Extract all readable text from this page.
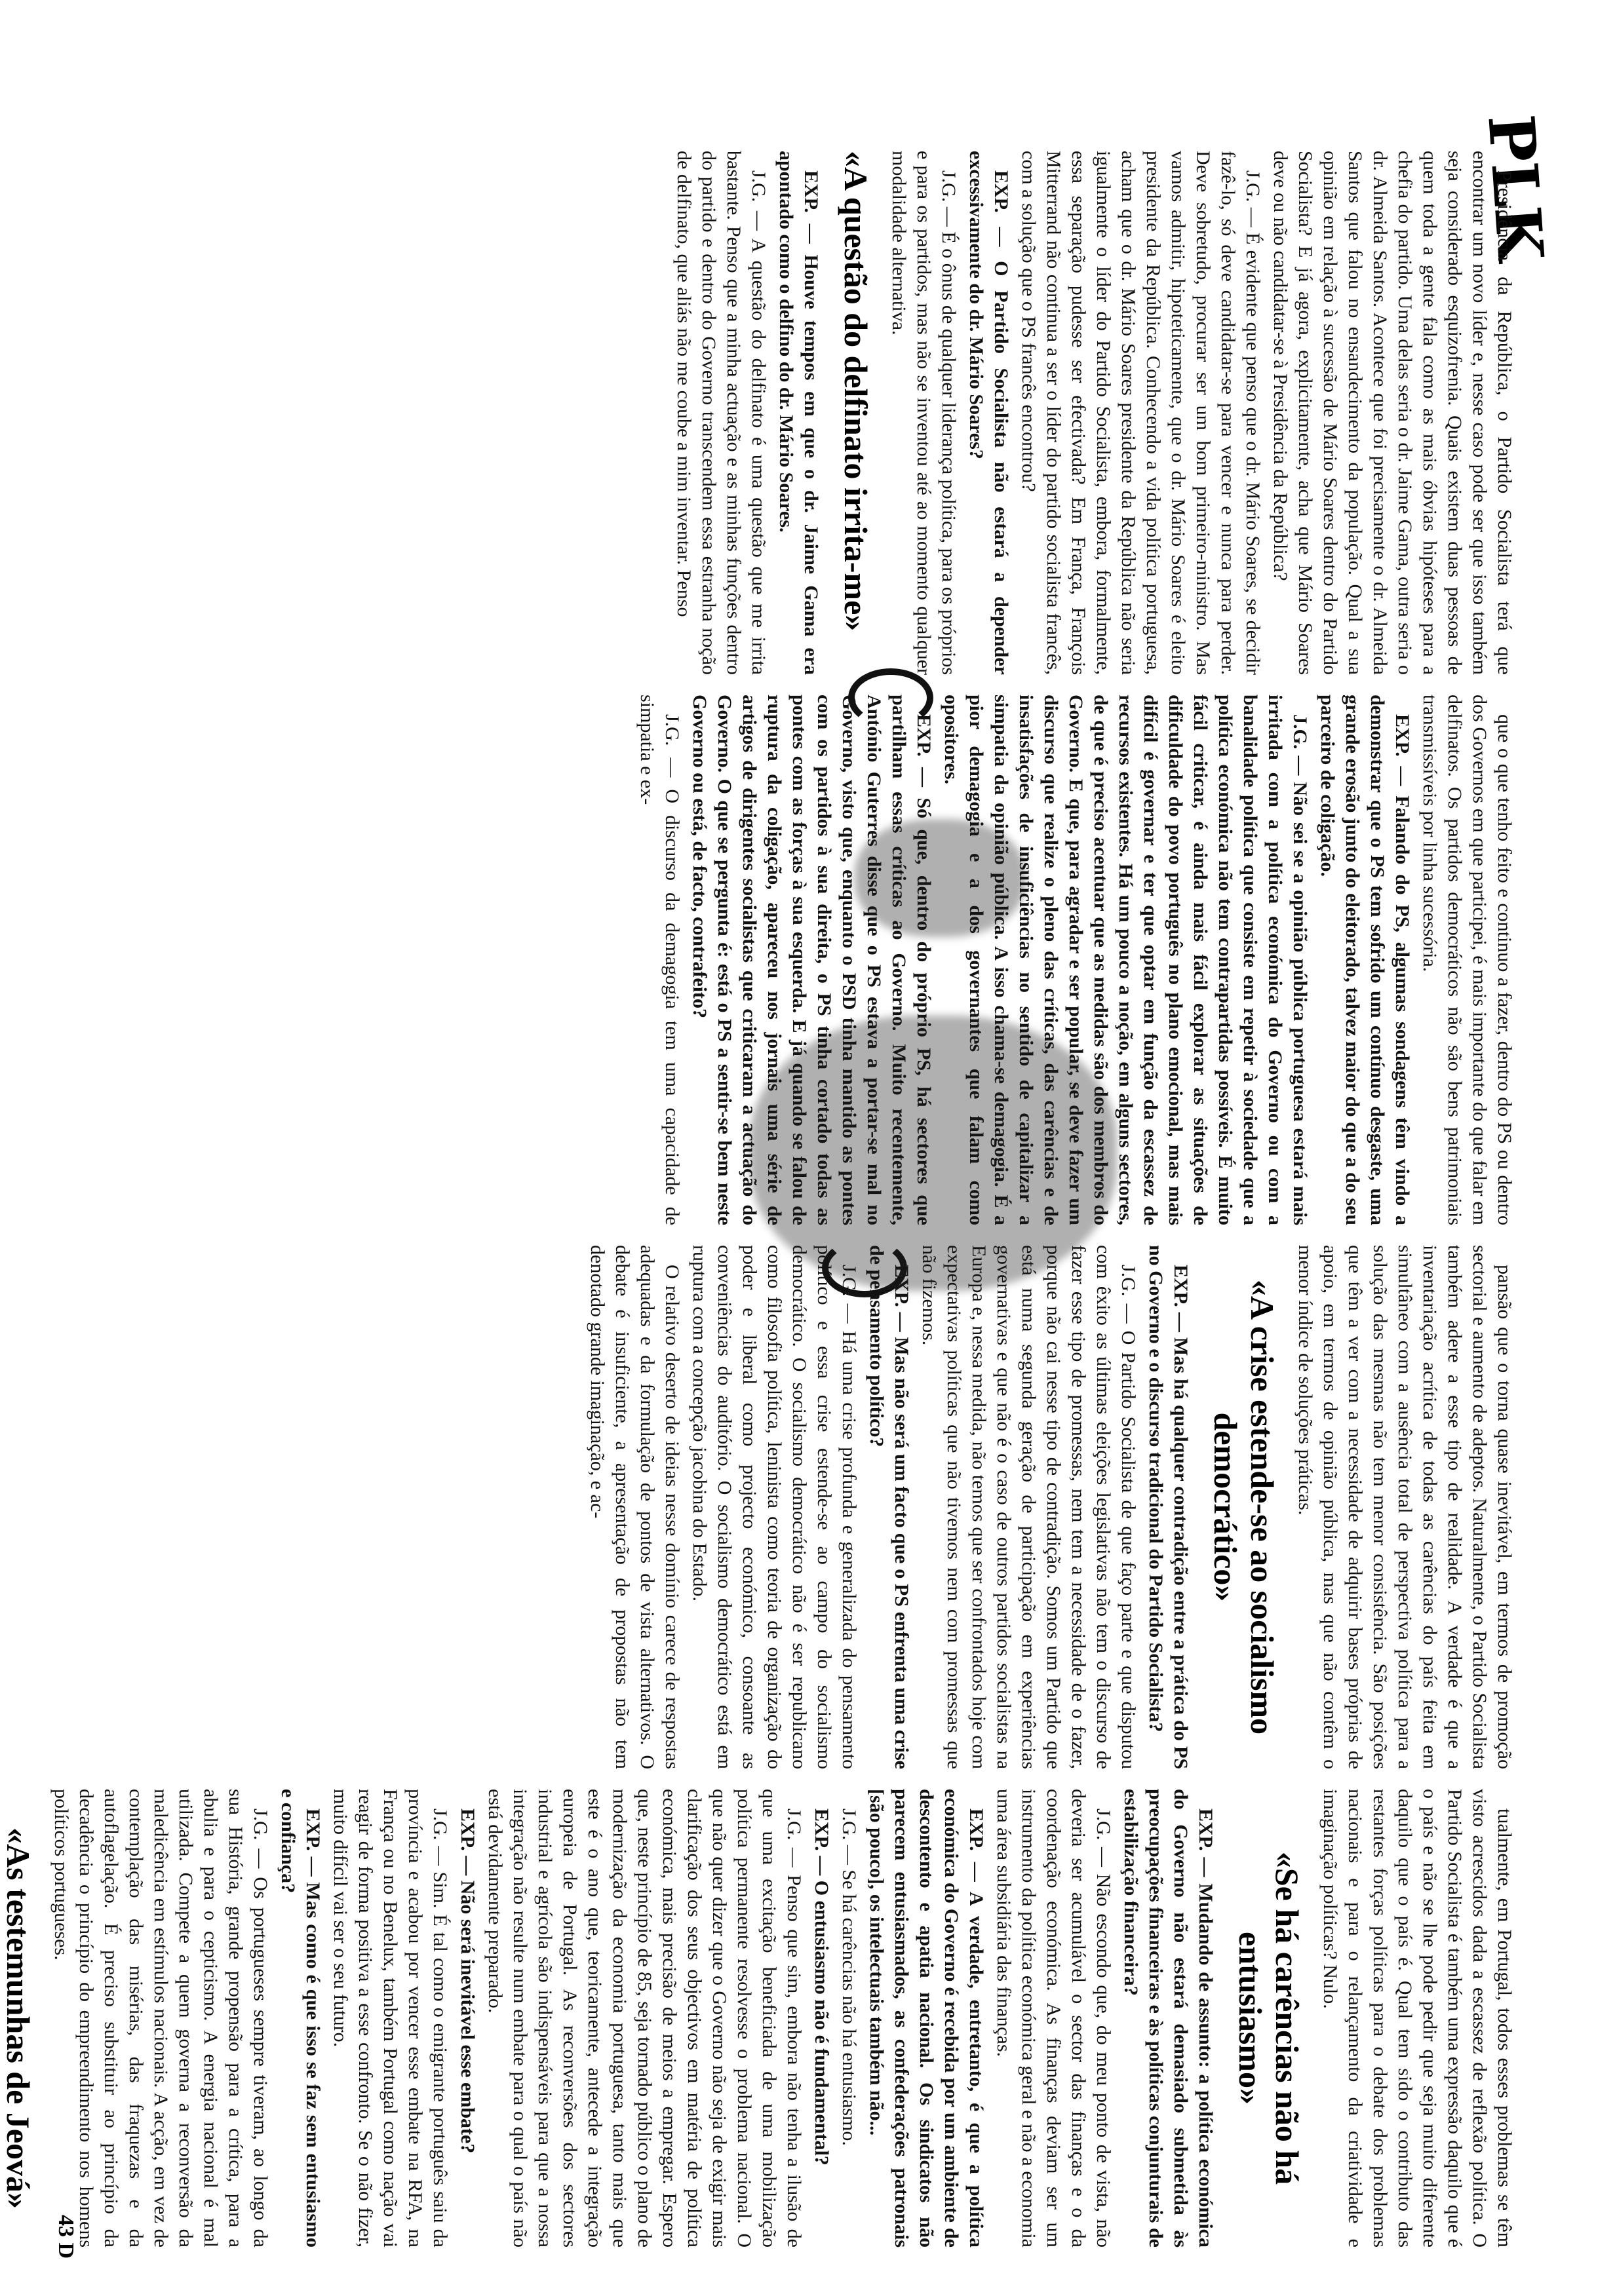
PLK

Presidência da República, o Partido Socialista terá que encontrar um novo líder e, nesse caso pode ser que isso também seja considerado esquizofrenia. Quais existem duas pessoas de quem toda a gente fala como as mais óbvias hipóteses para a chefia do partido. Uma delas seria o dr. Jaime Gama, outra seria o dr. Almeida Santos. Acontece que foi precisamente o dr. Almeida Santos que falou no ensandecimento da população. Qual a sua opinião em relação à sucessão de Mário Soares dentro do Partido Socialista? E já agora, explicitamente, acha que Mário Soares deve ou não candidatar-se à Presidência da República?

J.G. — É evidente que penso que o dr. Mário Soares, se decidir fazê-lo, só deve candidatar-se para vencer e nunca para perder. Deve sobretudo, procurar ser um bom primeiro-ministro. Mas vamos admitir, hipoteticamente, que o dr. Mário Soares é eleito presidente da República. Conhecendo a vida política portuguesa, acham que o dr. Mário Soares presidente da República não seria igualmente o líder do Partido Socialista, embora, formalmente, essa separação pudesse ser efectivada? Em França, François Mitterrand não continua a ser o líder do partido socialista francês, com a solução que o PS francês encontrou?

EXP. — O Partido Socialista não estará a depender excessivamente do dr. Mário Soares?

J.G. — É o ônus de qualquer liderança política, para os próprios e para os partidos, mas não se inventou até ao momento qualquer modalidade alternativa.

«A questão do delfinato irrita-me»

EXP. — Houve tempos em que o dr. Jaime Gama era apontado como o delfino do dr. Mário Soares.

J.G. — A questão do delfinato é uma questão que me irrita bastante. Penso que a minha actuação e as minhas funções dentro do partido e dentro do Governo transcendem essa estranha noção de delfinato, que aliás não me coube a mim inventar. Penso

que o que tenho feito e continuo a fazer, dentro do PS ou dentro dos Governos em que participei, é mais importante do que falar em delfinatos. Os partidos democráticos não são bens patrimoniais transmissíveis por linha sucessória.

EXP. — Falando do PS, algumas sondagens têm vindo a demonstrar que o PS tem sofrido um contínuo desgaste, uma grande erosão junto do eleitorado, talvez maior do que a do seu parceiro de coligação.

J.G. — Não sei se a opinião pública portuguesa estará mais irritada com a política económica do Governo ou com a banalidade política que consiste em repetir à sociedade que a política económica não tem contrapartidas possíveis. É muito fácil criticar, é ainda mais fácil explorar as situações de dificuldade do povo português no plano emocional, mas mais difícil é governar e ter que optar em função da escassez de recursos existentes. Há um pouco a noção, em alguns sectores, de que é preciso acentuar que as medidas são dos membros do Governo. E que, para agradar e ser popular, se deve fazer um discurso que realize o pleno das críticas, das carências e de insatisfações de insuficiências no sentido de capitalizar a simpatia da opinião pública. A isso chama-se demagogia. É a pior demagogia e a dos governantes que falam como opositores.

EXP. — Só que, dentro do próprio PS, há sectores que partilham essas críticas ao Governo. Muito recentemente, António Guterres disse que o PS estava a portar-se mal no Governo, visto que, enquanto o PSD tinha mantido as pontes com os partidos à sua direita, o PS tinha cortado todas as pontes com as forças à sua esquerda. E já quando se falou de ruptura da coligação, apareceu nos jornais uma série de artigos de dirigentes socialistas que criticaram a actuação do Governo. O que se pergunta é: está o PS a sentir-se bem neste Governo ou está, de facto, contrafeito?

J.G. — O discurso da demagogia tem uma capacidade de simpatia e ex-

pansão que o torna quase inevitável, em termos de promoção sectorial e aumento de adeptos. Naturalmente, o Partido Socialista também adere a esse tipo de realidade. A verdade é que a inventariação acrítica de todas as carências do país feita em simultâneo com a ausência total de perspectiva política para a solução das mesmas não tem menor consistência. São posições que têm a ver com a necessidade de adquirir bases próprias de apoio, em termos de opinião pública, mas que não contêm o menor índice de soluções práticas.

«A crise estende-se ao socialismo democrático»

EXP. — Mas há qualquer contradição entre a prática do PS no Governo e o discurso tradicional do Partido Socialista?

J.G. — O Partido Socialista de que faço parte e que disputou com êxito as últimas eleições legislativas não tem o discurso de fazer esse tipo de promessas, nem tem a necessidade de o fazer, porque não cai nesse tipo de contradição. Somos um Partido que está numa segunda geração de participação em experiências governativas e que não é o caso de outros partidos socialistas na Europa e, nessa medida, não temos que ser confrontados hoje com expectativas políticas que não tivemos nem com promessas que não fizemos.

EXP. — Mas não será um facto que o PS enfrenta uma crise de pensamento político?

J.G. — Há uma crise profunda e generalizada do pensamento político e essa crise estende-se ao campo do socialismo democrático. O socialismo democrático não é ser republicano como filosofia política, leninista como teoria de organização do poder e liberal como projecto económico, consoante as conveniências do auditório. O socialismo democrático está em ruptura com a concepção jacobina do Estado.

O relativo deserto de ideias nesse domínio carece de respostas adequadas e da formulação de pontos de vista alternativos. O debate é insuficiente, a apresentação de propostas não tem denotado grande imaginação, e ac-

tualmente, em Portugal, todos esses problemas se têm visto acrescidos dada a escassez de reflexão política. O Partido Socialista é também uma expressão daquilo que é o país e não se lhe pode pedir que seja muito diferente daquilo que o país é. Qual tem sido o contributo das restantes forças políticas para o debate dos problemas nacionais e para o relançamento da criatividade e imaginação políticas? Nulo.

«Se há carências não há entusiasmo»

EXP. — Mudando de assunto: a política económica do Governo não estará demasiado submetida às preocupações financeiras e às políticas conjunturais de estabilização financeira?

J.G. — Não escondo que, do meu ponto de vista, não deveria ser acumulável o sector das finanças e o da coordenação económica. As finanças deviam ser um instrumento da política económica geral e não a economia uma área subsidiária das finanças.

EXP. — A verdade, entretanto, é que a política económica do Governo é recebida por um ambiente de descontento e apatia nacional. Os sindicatos não parecem entusiasmados, as confederações patronais [são pouco], os intelectuais também não...

J.G. — Se há carências não há entusiasmo.

EXP. — O entusiasmo não é fundamental?

J.G. — Penso que sim, embora não tenha a ilusão de que uma excitação beneficiada de uma mobilização política permanente resolvesse o problema nacional. O que não quer dizer que o Governo não seja de exigir mais clarificação dos seus objectivos em matéria de política económica, mais precisão de meios a empregar. Espero que, neste princípio de 85, seja tornado público o plano de modernização da economia portuguesa, tanto mais que este é o ano que, teoricamente, antecede a integração europeia de Portugal. As reconversões dos sectores industrial e agrícola são indispensáveis para que a nossa integração não resulte num embate para o qual o país não está devidamente preparado.

EXP. — Não será inevitável esse embate?

J.G. — Sim. É tal como o emigrante português saiu da província e acabou por vencer esse embate na RFA, na França ou no Benelux, também Portugal como nação vai reagir de forma positiva a esse confronto. Se o não fizer, muito difícil vai ser o seu futuro.

EXP. — Mas como é que isso se faz sem entusiasmo e confiança?

J.G. — Os portugueses sempre tiveram, ao longo da sua História, grande propensão para a crítica, para a abulia e para o cepticismo. A energia nacional é mal utilizada. Compete a quem governa a reconversão da maledicência em estímulos nacionais. A acção, em vez de contemplação das misérias, das fraquezas e da autoflagelação. É preciso substituir ao princípio da decadência o princípio do empreendimento nos homens políticos portugueses.

«As testemunhas de Jeová»

43 D
